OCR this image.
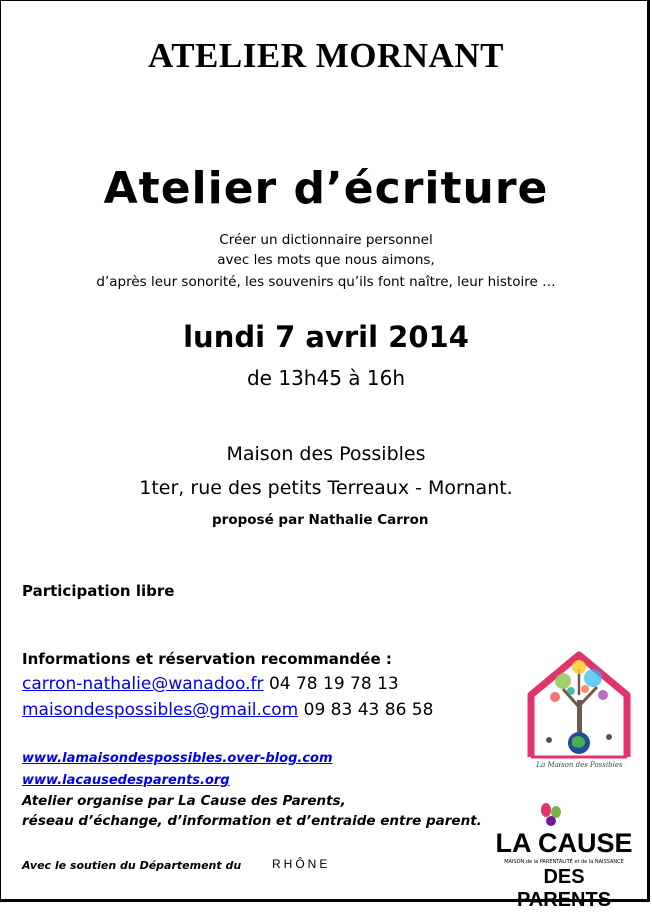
ATELIER MORNANT
Atelier d’écriture
Créer un dictionnaire personnel
avec les mots que nous aimons,
d’après leur sonorité, les souvenirs qu’ils font naître, leur histoire …
lundi 7 avril 2014
de 13h45 à 16h
Maison des Possibles
1ter, rue des petits Terreaux - Mornant.
proposé par Nathalie Carron
Participation libre
Informations et réservation recommandée :
carron-nathalie@wanadoo.fr 04 78 19 78 13
maisondespossibles@gmail.com 09 83 43 86 58
www.lamaisondespossibles.over-blog.com
www.lacausedesparents.org
Atelier organise par La Cause des Parents,
réseau d’échange, d’information et d’entraide entre parent.
Avec le soutien du Département du	RHÔNE
La Maison des Possibles
LA CAUSE
MAISON de la PARENTALITÉ et de la NAISSANCE
DES PARENTS
